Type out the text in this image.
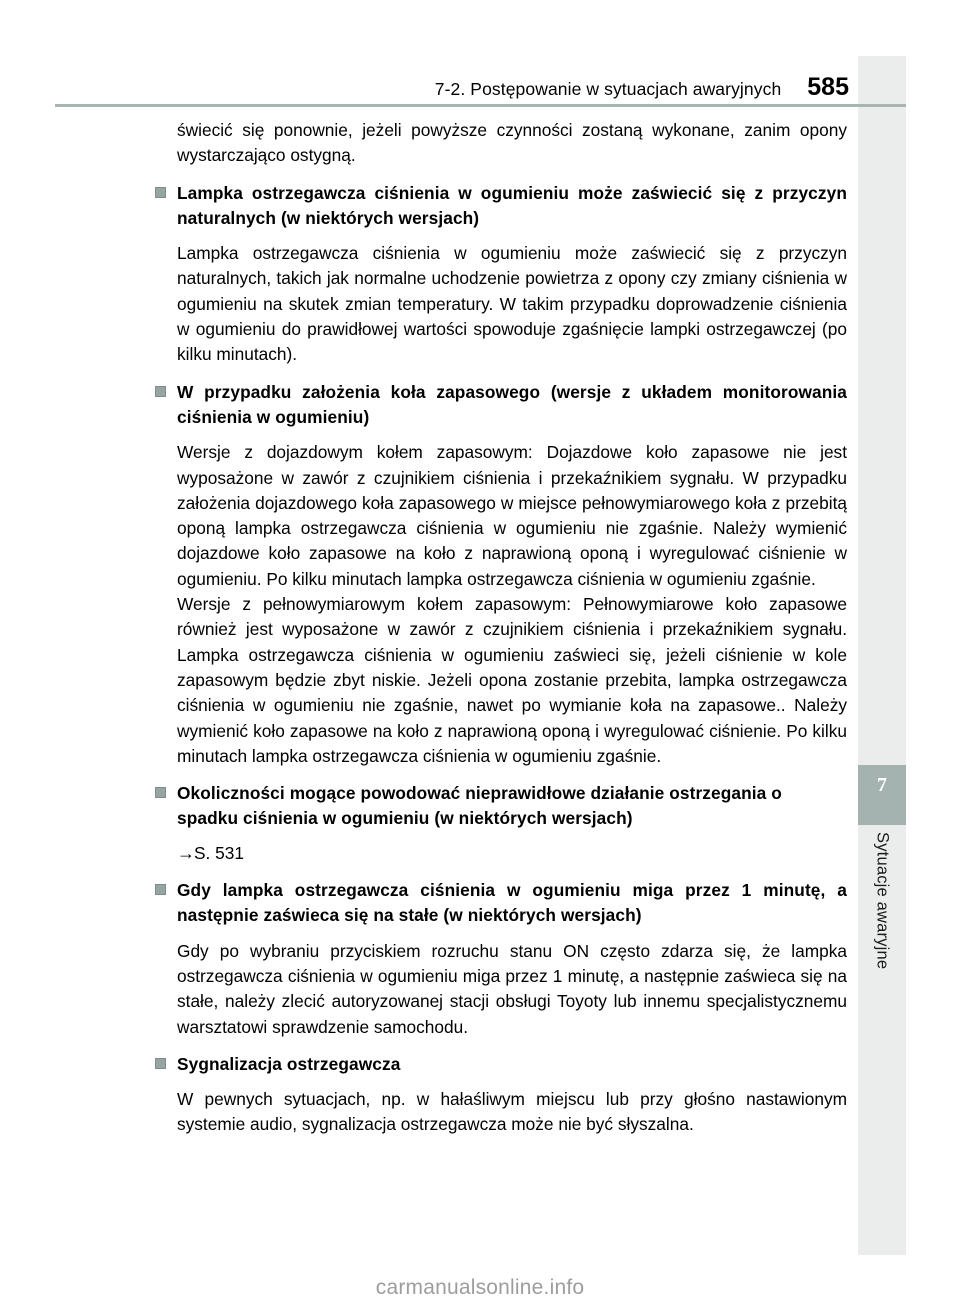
7-2. Postępowanie w sytuacjach awaryjnych 585
7
Sytuacje awaryjne

świecić się ponownie, jeżeli powyższe czynności zostaną wykonane, zanim opony wystarczająco ostygną.

Lampka ostrzegawcza ciśnienia w ogumieniu może zaświecić się z przyczyn naturalnych (w niektórych wersjach)

Lampka ostrzegawcza ciśnienia w ogumieniu może zaświecić się z przyczyn naturalnych, takich jak normalne uchodzenie powietrza z opony czy zmiany ciśnienia w ogumieniu na skutek zmian temperatury. W takim przypadku doprowadzenie ciśnienia w ogumieniu do prawidłowej wartości spowoduje zgaśnięcie lampki ostrzegawczej (po kilku minutach).

W przypadku założenia koła zapasowego (wersje z układem monitorowania ciśnienia w ogumieniu)

Wersje z dojazdowym kołem zapasowym: Dojazdowe koło zapasowe nie jest wyposażone w zawór z czujnikiem ciśnienia i przekaźnikiem sygnału. W przypadku założenia dojazdowego koła zapasowego w miejsce pełnowymiarowego koła z przebitą oponą lampka ostrzegawcza ciśnienia w ogumieniu nie zgaśnie. Należy wymienić dojazdowe koło zapasowe na koło z naprawioną oponą i wyregulować ciśnienie w ogumieniu. Po kilku minutach lampka ostrzegawcza ciśnienia w ogumieniu zgaśnie.

Wersje z pełnowymiarowym kołem zapasowym: Pełnowymiarowe koło zapasowe również jest wyposażone w zawór z czujnikiem ciśnienia i przekaźnikiem sygnału. Lampka ostrzegawcza ciśnienia w ogumieniu zaświeci się, jeżeli ciśnienie w kole zapasowym będzie zbyt niskie. Jeżeli opona zostanie przebita, lampka ostrzegawcza ciśnienia w ogumieniu nie zgaśnie, nawet po wymianie koła na zapasowe.. Należy wymienić koło zapasowe na koło z naprawioną oponą i wyregulować ciśnienie. Po kilku minutach lampka ostrzegawcza ciśnienia w ogumieniu zgaśnie.

Okoliczności mogące powodować nieprawidłowe działanie ostrzegania o spadku ciśnienia w ogumieniu (w niektórych wersjach)

→S. 531

Gdy lampka ostrzegawcza ciśnienia w ogumieniu miga przez 1 minutę, a następnie zaświeca się na stałe (w niektórych wersjach)

Gdy po wybraniu przyciskiem rozruchu stanu ON często zdarza się, że lampka ostrzegawcza ciśnienia w ogumieniu miga przez 1 minutę, a następnie zaświeca się na stałe, należy zlecić autoryzowanej stacji obsługi Toyoty lub innemu specjalistycznemu warsztatowi sprawdzenie samochodu.

Sygnalizacja ostrzegawcza

W pewnych sytuacjach, np. w hałaśliwym miejscu lub przy głośno nastawionym systemie audio, sygnalizacja ostrzegawcza może nie być słyszalna.

carmanualsonline.info
